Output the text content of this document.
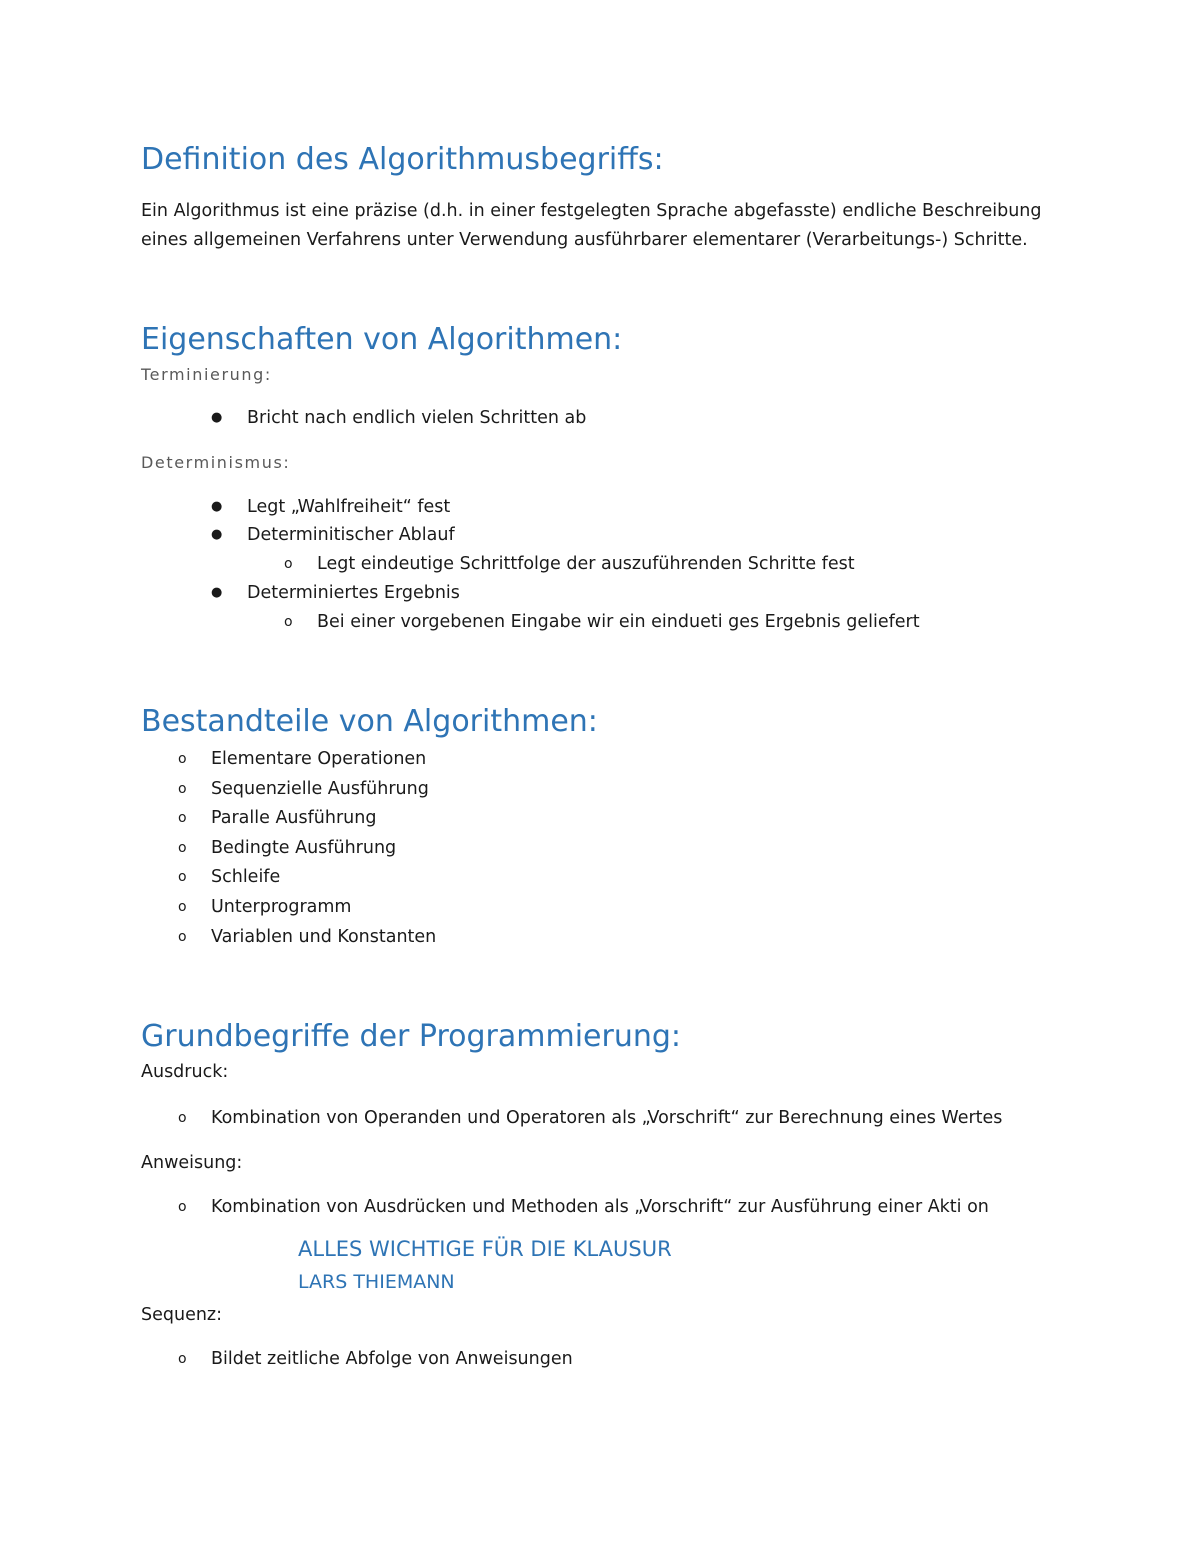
Definition des Algorithmusbegriffs:
Ein Algorithmus ist eine präzise (d.h. in einer festgelegten Sprache abgefasste) endliche Beschreibung
eines allgemeinen Verfahrens unter Verwendung ausführbarer elementarer (Verarbeitungs-) Schritte.
Eigenschaften von Algorithmen:
Terminierung:
● Bricht nach endlich vielen Schritten ab
Determinismus:
● Legt „Wahlfreiheit“ fest
● Determinitischer Ablauf
o Legt eindeutige Schrittfolge der auszuführenden Schritte fest
● Determiniertes Ergebnis
o Bei einer vorgebenen Eingabe wir ein eindueti ges Ergebnis geliefert
Bestandteile von Algorithmen:
o Elementare Operationen
o Sequenzielle Ausführung
o Paralle Ausführung
o Bedingte Ausführung
o Schleife
o Unterprogramm
o Variablen und Konstanten
Grundbegriffe der Programmierung:
Ausdruck:
o Kombination von Operanden und Operatoren als „Vorschrift“ zur Berechnung eines Wertes
Anweisung:
o Kombination von Ausdrücken und Methoden als „Vorschrift“ zur Ausführung einer Akti on
ALLES WICHTIGE FÜR DIE KLAUSUR
LARS THIEMANN
Sequenz:
o Bildet zeitliche Abfolge von Anweisungen
